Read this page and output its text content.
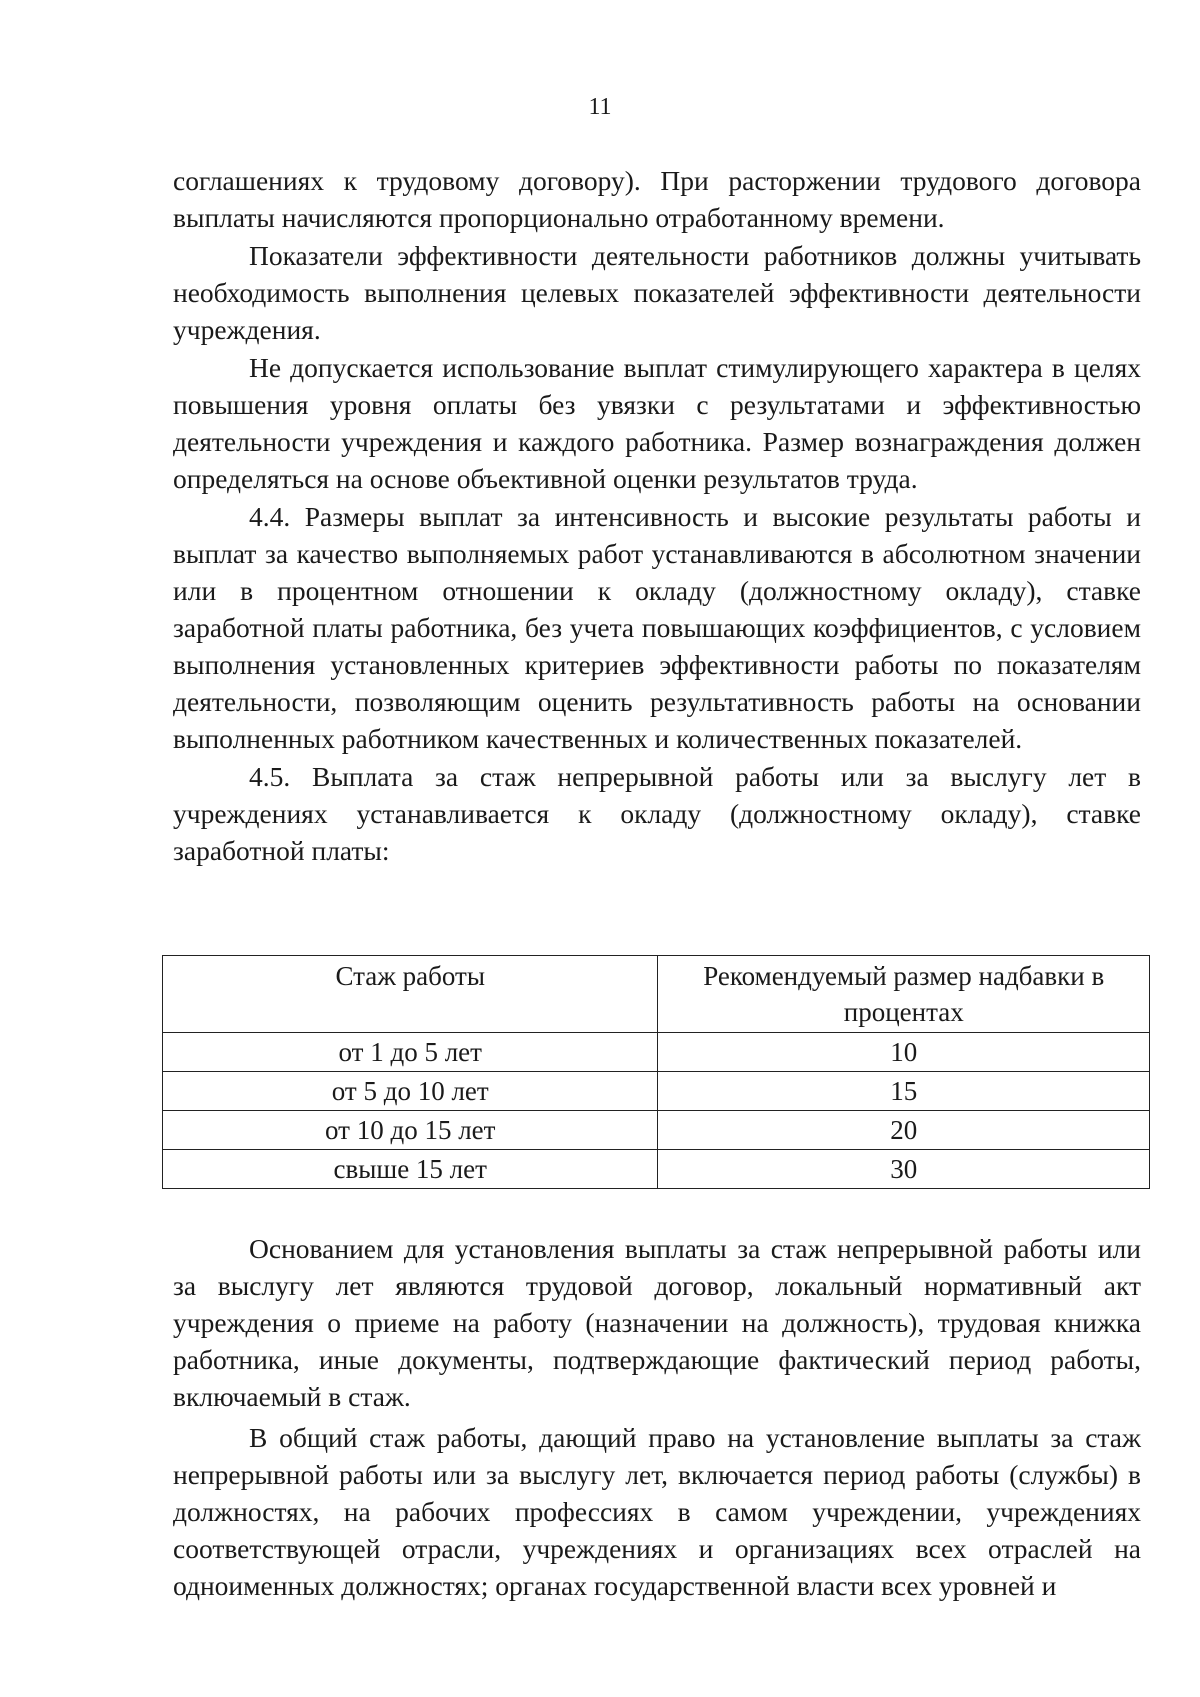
11

соглашениях к трудовому договору). При расторжении трудового договора выплаты начисляются пропорционально отработанному времени.

Показатели эффективности деятельности работников должны учитывать необходимость выполнения целевых показателей эффективности деятельности учреждения.

Не допускается использование выплат стимулирующего характера в целях повышения уровня оплаты без увязки с результатами и эффективностью деятельности учреждения и каждого работника. Размер вознаграждения должен определяться на основе объективной оценки результатов труда.

4.4. Размеры выплат за интенсивность и высокие результаты работы и выплат за качество выполняемых работ устанавливаются в абсолютном значении или в процентном отношении к окладу (должностному окладу), ставке заработной платы работника, без учета повышающих коэффициентов, с условием выполнения установленных критериев эффективности работы по показателям деятельности, позволяющим оценить результативность работы на основании выполненных работником качественных и количественных показателей.

4.5. Выплата за стаж непрерывной работы или за выслугу лет в учреждениях устанавливается к окладу (должностному окладу), ставке заработной платы:

Стаж работы	Рекомендуемый размер надбавки в процентах
от 1 до 5 лет	10
от 5 до 10 лет	15
от 10 до 15 лет	20
свыше 15 лет	30

Основанием для установления выплаты за стаж непрерывной работы или за выслугу лет являются трудовой договор, локальный нормативный акт учреждения о приеме на работу (назначении на должность), трудовая книжка работника, иные документы, подтверждающие фактический период работы, включаемый в стаж.

В общий стаж работы, дающий право на установление выплаты за стаж непрерывной работы или за выслугу лет, включается период работы (службы) в должностях, на рабочих профессиях в самом учреждении, учреждениях соответствующей отрасли, учреждениях и организациях всех отраслей на одноименных должностях; органах государственной власти всех уровней и
